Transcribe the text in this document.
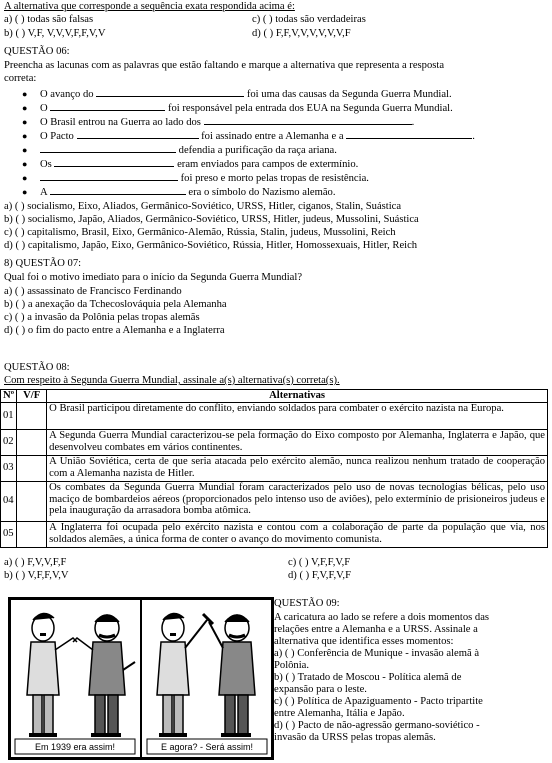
A alternativa que corresponde a sequência exata respondida acima é:
a) ( ) todas são falsas	c) ( ) todas são verdadeiras
b) ( ) V,F, V,V,V,F,F,V,V	d) ( ) F,F,V,V,V,V,V,V,F
QUESTÃO 06:
Preencha as lacunas com as palavras que estão faltando e marque a alternativa que representa a resposta
correta:
● O avanço do	foi uma das causas da Segunda Guerra Mundial.
● O	foi responsável pela entrada dos EUA na Segunda Guerra Mundial.
● O Brasil entrou na Guerra ao lado dos	.
● O Pacto	foi assinado entre a Alemanha e a	.
●	defendia a purificação da raça ariana.
● Os	eram enviados para campos de extermínio.
●	foi preso e morto pelas tropas de resistência.
● A	era o símbolo do Nazismo alemão.
a) ( ) socialismo, Eixo, Aliados, Germânico-Soviético, URSS, Hitler, ciganos, Stalin, Suástica
b) ( ) socialismo, Japão, Aliados, Germânico-Soviético, URSS, Hitler, judeus, Mussolini, Suástica
c) ( ) capitalismo, Brasil, Eixo, Germânico-Alemão, Rússia, Stalin, judeus, Mussolini, Reich
d) ( ) capitalismo, Japão, Eixo, Germânico-Soviético, Rússia, Hitler, Homossexuais, Hitler, Reich
8) QUESTÃO 07:
Qual foi o motivo imediato para o início da Segunda Guerra Mundial?
a) ( ) assassinato de Francisco Ferdinando
b) ( ) a anexação da Tchecoslováquia pela Alemanha
c) ( ) a invasão da Polônia pelas tropas alemãs
d) ( ) o fim do pacto entre a Alemanha e a Inglaterra
QUESTÃO 08:
Com respeito à Segunda Guerra Mundial, assinale a(s) alternativa(s) correta(s).
Nº	V/F	Alternativas
01		O Brasil participou diretamente do conflito, enviando soldados para combater o exército nazista na Europa.
02		A Segunda Guerra Mundial caracterizou-se pela formação do Eixo composto por Alemanha, Inglaterra e Japão, que desenvolveu combates em vários continentes.
03		A União Soviética, certa de que seria atacada pelo exército alemão, nunca realizou nenhum tratado de cooperação com a Alemanha nazista de Hitler.
04		Os combates da Segunda Guerra Mundial foram caracterizados pelo uso de novas tecnologias bélicas, pelo uso maciço de bombardeios aéreos (proporcionados pelo intenso uso de aviões), pelo extermínio de prisioneiros judeus e pela inauguração da arrasadora bomba atômica.
05		A Inglaterra foi ocupada pelo exército nazista e contou com a colaboração de parte da população que via, nos soldados alemães, a única forma de conter o avanço do movimento comunista.
a) ( ) F,V,V,F,F	c) ( ) V,F,F,V,F
b) ( ) V,F,F,V,V	d) ( ) F,V,F,V,F
Em 1939 era assim!	E agora? - Será assim!
QUESTÃO 09:
A caricatura ao lado se refere a dois momentos das
relações entre a Alemanha e a URSS. Assinale a
alternativa que identifica esses momentos:
a) ( ) Conferência de Munique - invasão alemã à
Polônia.
b) ( ) Tratado de Moscou - Política alemã de
expansão para o leste.
c) ( ) Política de Apaziguamento - Pacto tripartite
entre Alemanha, Itália e Japão.
d) ( ) Pacto de não-agressão germano-soviético -
invasão da URSS pelas tropas alemãs.
